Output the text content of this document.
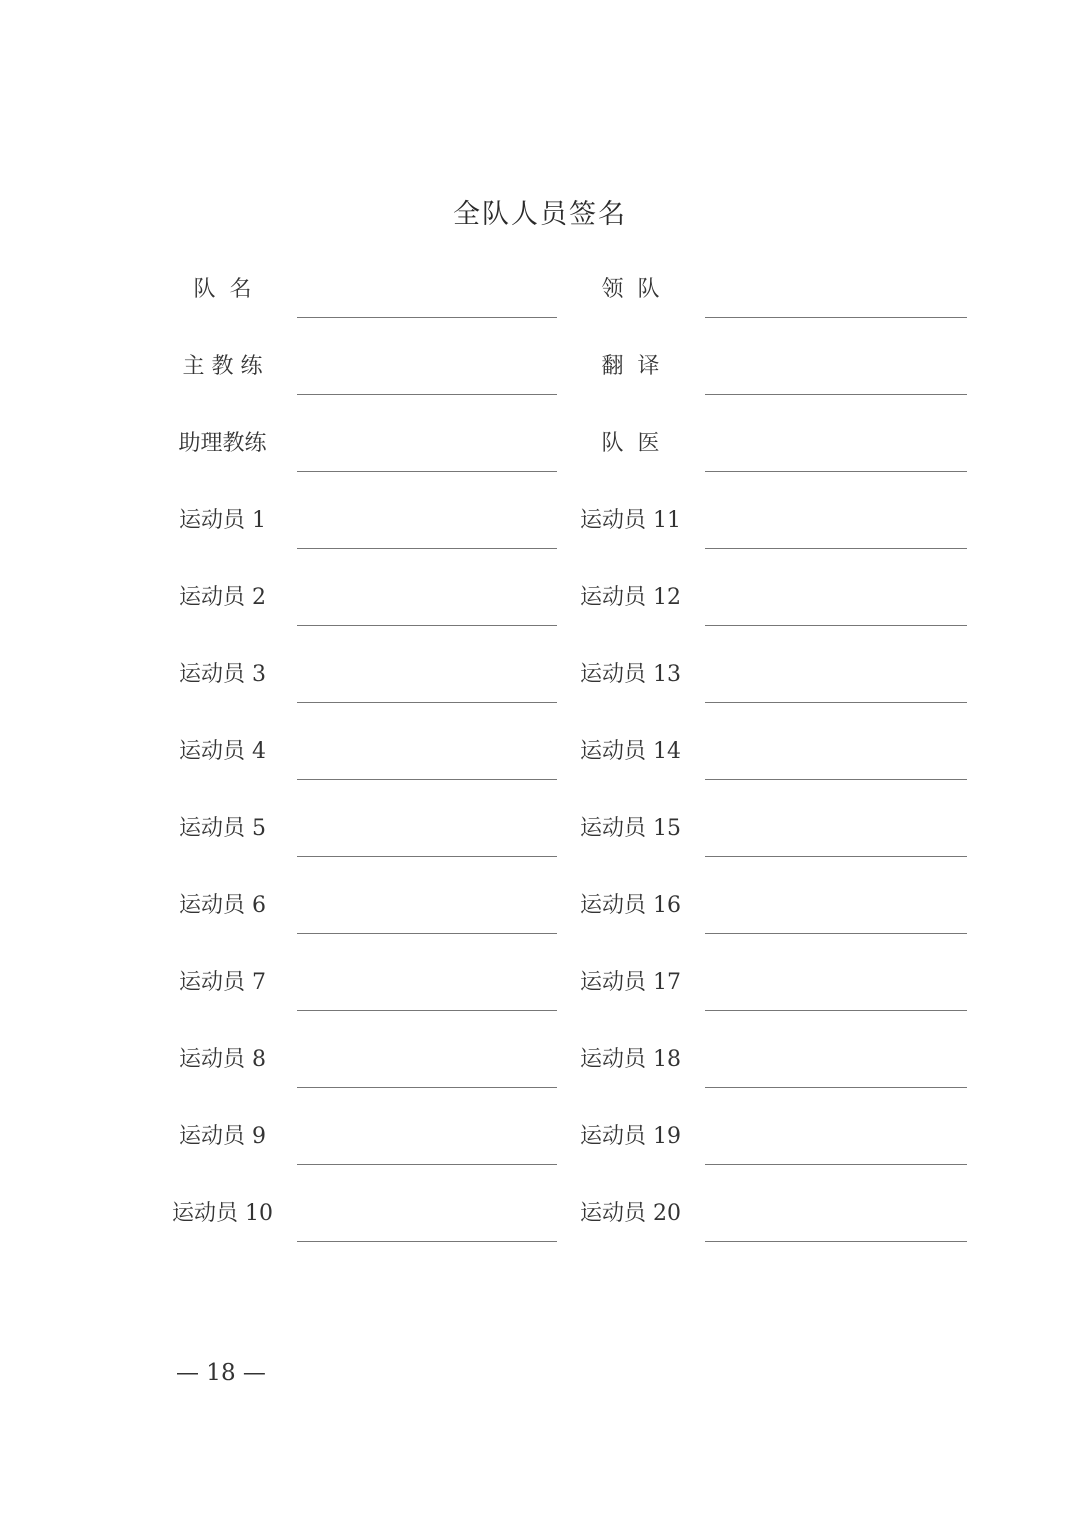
全队人员签名
队  名
主 教 练
助理教练
运动员 1
运动员 2
运动员 3
运动员 4
运动员 5
运动员 6
运动员 7
运动员 8
运动员 9
运动员 10
领  队
翻  译
队  医
运动员 11
运动员 12
运动员 13
运动员 14
运动员 15
运动员 16
运动员 17
运动员 18
运动员 19
运动员 20
— 18 —
